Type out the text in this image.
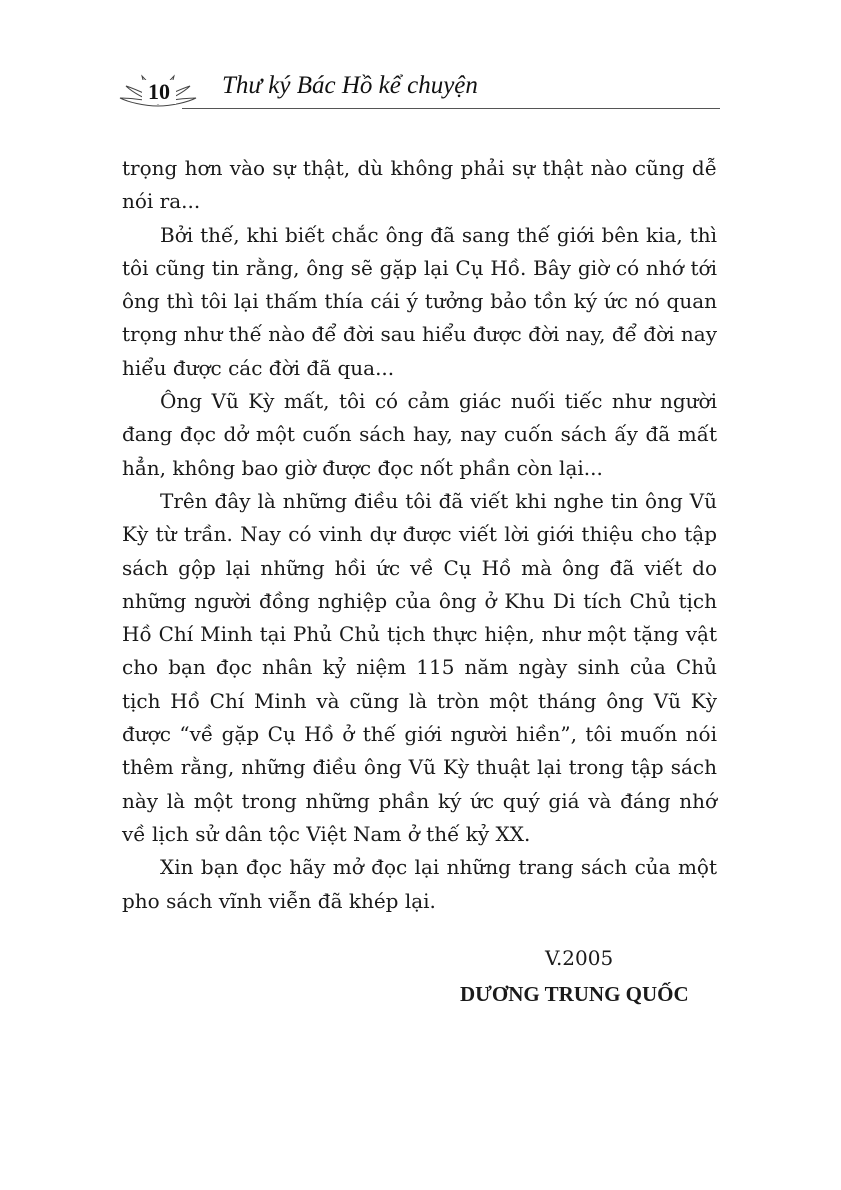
10 Thư ký Bác Hồ kể chuyện

trọng hơn vào sự thật, dù không phải sự thật nào cũng dễ nói ra...

Bởi thế, khi biết chắc ông đã sang thế giới bên kia, thì tôi cũng tin rằng, ông sẽ gặp lại Cụ Hồ. Bây giờ có nhớ tới ông thì tôi lại thấm thía cái ý tưởng bảo tồn ký ức nó quan trọng như thế nào để đời sau hiểu được đời nay, để đời nay hiểu được các đời đã qua...

Ông Vũ Kỳ mất, tôi có cảm giác nuối tiếc như người đang đọc dở một cuốn sách hay, nay cuốn sách ấy đã mất hẳn, không bao giờ được đọc nốt phần còn lại...

Trên đây là những điều tôi đã viết khi nghe tin ông Vũ Kỳ từ trần. Nay có vinh dự được viết lời giới thiệu cho tập sách gộp lại những hồi ức về Cụ Hồ mà ông đã viết do những người đồng nghiệp của ông ở Khu Di tích Chủ tịch Hồ Chí Minh tại Phủ Chủ tịch thực hiện, như một tặng vật cho bạn đọc nhân kỷ niệm 115 năm ngày sinh của Chủ tịch Hồ Chí Minh và cũng là tròn một tháng ông Vũ Kỳ được “về gặp Cụ Hồ ở thế giới người hiền”, tôi muốn nói thêm rằng, những điều ông Vũ Kỳ thuật lại trong tập sách này là một trong những phần ký ức quý giá và đáng nhớ về lịch sử dân tộc Việt Nam ở thế kỷ XX.

Xin bạn đọc hãy mở đọc lại những trang sách của một pho sách vĩnh viễn đã khép lại.

V.2005
DƯƠNG TRUNG QUỐC
